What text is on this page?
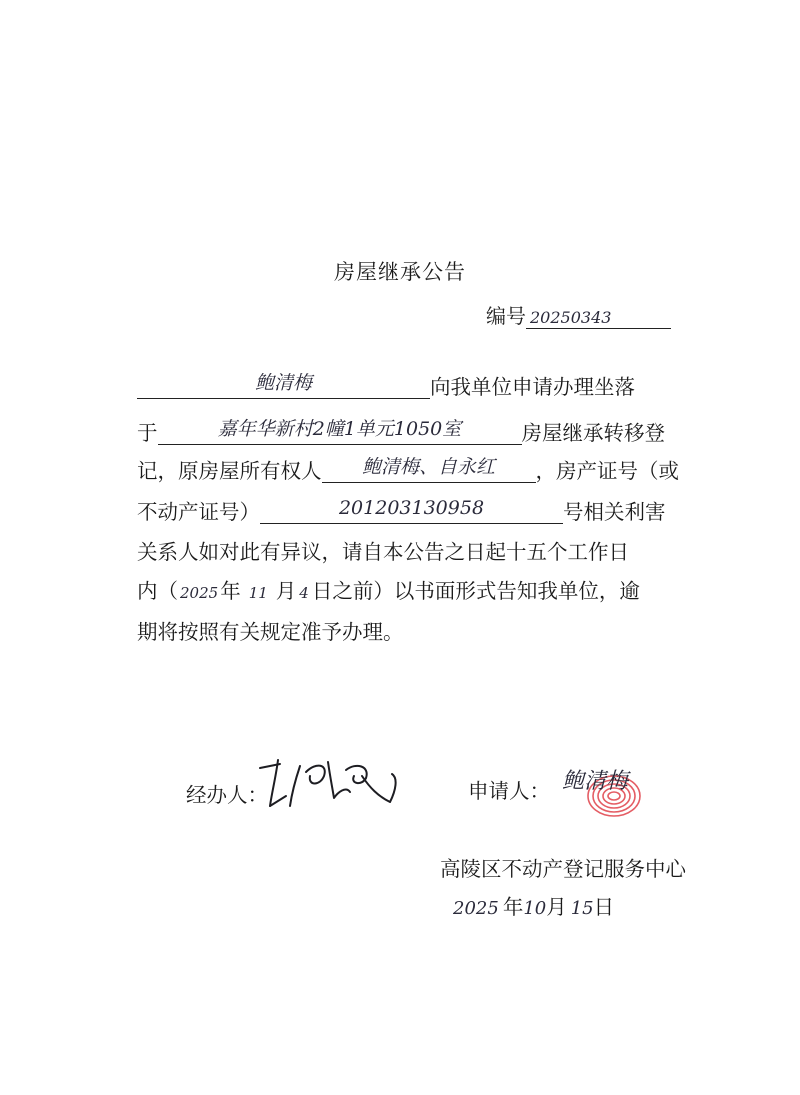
房屋继承公告
编号 20250343
鲍清梅	向我单位申请办理坐落
于	嘉年华新村2幢1单元1050室	房屋继承转移登
记，原房屋所有权人	鲍清梅、自永红	，房产证号（或
不动产证号）	201203130958	号相关利害
关系人如对此有异议，请自本公告之日起十五个工作日
内（ 2025年 11 月 4 日之前）以书面形式告知我单位，逾
期将按照有关规定准予办理。
经办人：	申请人： 鲍清梅
高陵区不动产登记服务中心
2025 年10月 15日
